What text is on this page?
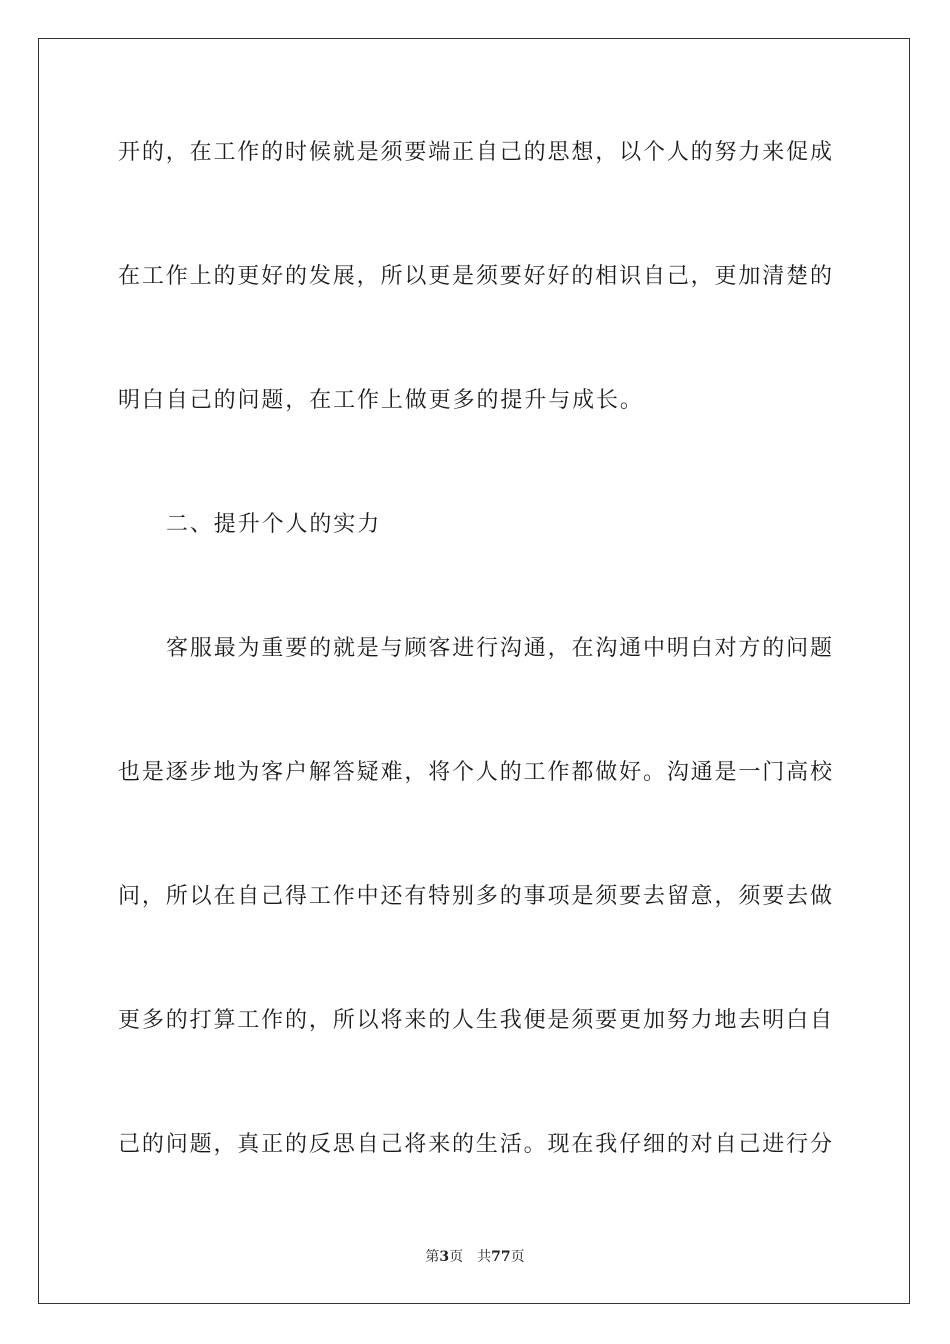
开的，在工作的时候就是须要端正自己的思想，以个人的努力来促成
在工作上的更好的发展，所以更是须要好好的相识自己，更加清楚的
明白自己的问题，在工作上做更多的提升与成长。
二、提升个人的实力
客服最为重要的就是与顾客进行沟通，在沟通中明白对方的问题
也是逐步地为客户解答疑难，将个人的工作都做好。沟通是一门高校
问，所以在自己得工作中还有特别多的事项是须要去留意，须要去做
更多的打算工作的，所以将来的人生我便是须要更加努力地去明白自
己的问题，真正的反思自己将来的生活。现在我仔细的对自己进行分
第3页 共77页
